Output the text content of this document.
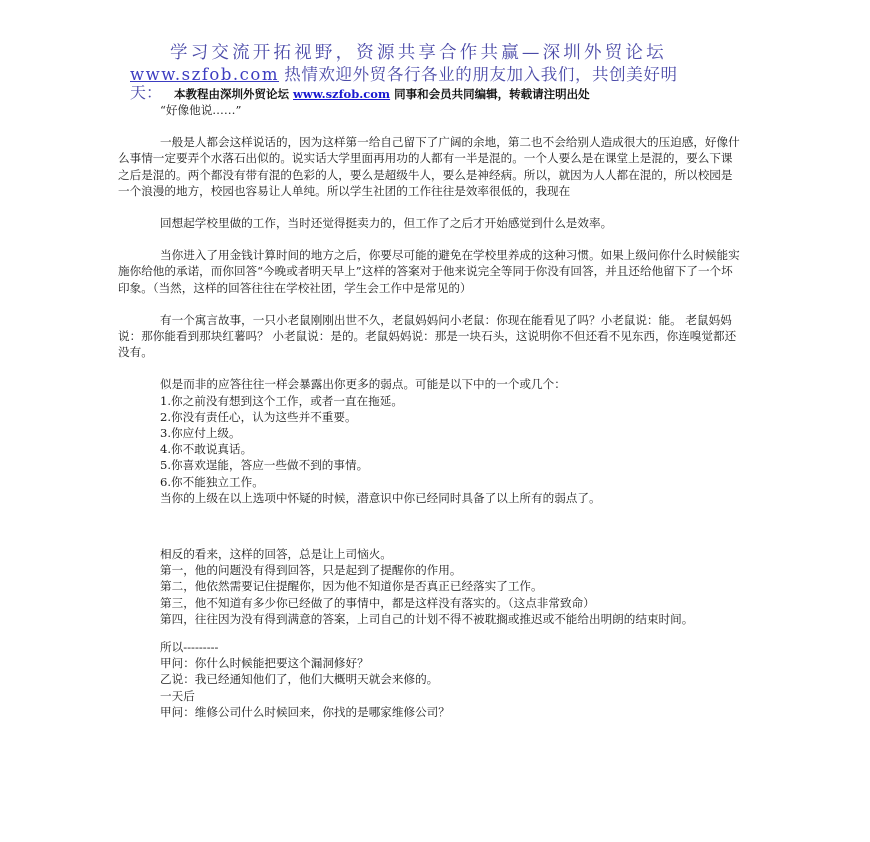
学习交流开拓视野，资源共享合作共赢—深圳外贸论坛
www.szfob.com 热情欢迎外贸各行各业的朋友加入我们，共创美好明
天： 本教程由深圳外贸论坛 www.szfob.com 同事和会员共同编辑，转载请注明出处

“好像他说……”

一般是人都会这样说话的，因为这样第一给自己留下了广阔的余地，第二也不会给别人造成很大的压迫感，好像什么事情一定要弄个水落石出似的。说实话大学里面再用功的人都有一半是混的。一个人要么是在课堂上是混的，要么下课之后是混的。两个都没有带有混的色彩的人，要么是超级牛人，要么是神经病。所以，就因为人人都在混的，所以校园是一个浪漫的地方，校园也容易让人单纯。所以学生社团的工作往往是效率很低的，我现在

回想起学校里做的工作，当时还觉得挺卖力的，但工作了之后才开始感觉到什么是效率。

当你进入了用金钱计算时间的地方之后，你要尽可能的避免在学校里养成的这种习惯。如果上级问你什么时候能实施你给他的承诺，而你回答“今晚或者明天早上”这样的答案对于他来说完全等同于你没有回答，并且还给他留下了一个坏印象。（当然，这样的回答往往在学校社团，学生会工作中是常见的）

有一个寓言故事，一只小老鼠刚刚出世不久，老鼠妈妈问小老鼠：你现在能看见了吗？小老鼠说：能。 老鼠妈妈说：那你能看到那块红薯吗？ 小老鼠说：是的。老鼠妈妈说：那是一块石头，这说明你不但还看不见东西，你连嗅觉都还没有。

似是而非的应答往往一样会暴露出你更多的弱点。可能是以下中的一个或几个：

1.你之前没有想到这个工作，或者一直在拖延。
2.你没有责任心，认为这些并不重要。
3.你应付上级。
4.你不敢说真话。
5.你喜欢逞能，答应一些做不到的事情。
6.你不能独立工作。
当你的上级在以上选项中怀疑的时候，潜意识中你已经同时具备了以上所有的弱点了。
相反的看来，这样的回答，总是让上司恼火。
第一，他的问题没有得到回答，只是起到了提醒你的作用。
第二，他依然需要记住提醒你，因为他不知道你是否真正已经落实了工作。
第三，他不知道有多少你已经做了的事情中，都是这样没有落实的。（这点非常致命）

第四，往往因为没有得到满意的答案，上司自己的计划不得不被耽搁或推迟或不能给出明朗的结束时间。

所以---------
甲问：你什么时候能把要这个漏洞修好？
乙说：我已经通知他们了，他们大概明天就会来修的。
一天后
甲问：维修公司什么时候回来，你找的是哪家维修公司？
